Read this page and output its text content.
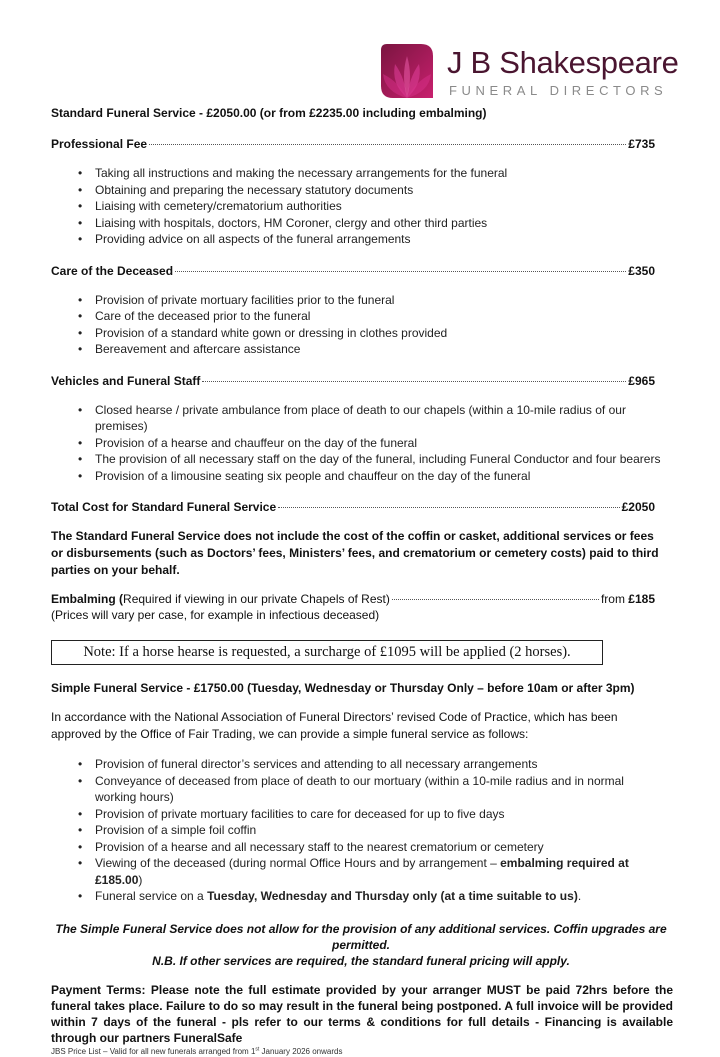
J B Shakespeare
FUNERAL DIRECTORS
Standard Funeral Service - £2050.00 (or from £2235.00 including embalming)
Professional Fee	£735
• Taking all instructions and making the necessary arrangements for the funeral
• Obtaining and preparing the necessary statutory documents
• Liaising with cemetery/crematorium authorities
• Liaising with hospitals, doctors, HM Coroner, clergy and other third parties
• Providing advice on all aspects of the funeral arrangements
Care of the Deceased	£350
• Provision of private mortuary facilities prior to the funeral
• Care of the deceased prior to the funeral
• Provision of a standard white gown or dressing in clothes provided
• Bereavement and aftercare assistance
Vehicles and Funeral Staff	£965
• Closed hearse / private ambulance from place of death to our chapels (within a 10-mile radius of our premises)
• Provision of a hearse and chauffeur on the day of the funeral
• The provision of all necessary staff on the day of the funeral, including Funeral Conductor and four bearers
• Provision of a limousine seating six people and chauffeur on the day of the funeral
Total Cost for Standard Funeral Service	£2050
The Standard Funeral Service does not include the cost of the coffin or casket, additional services or fees or disbursements (such as Doctors’ fees, Ministers’ fees, and crematorium or cemetery costs) paid to third parties on your behalf.
Embalming (Required if viewing in our private Chapels of Rest)	from £185
(Prices will vary per case, for example in infectious deceased)
Note: If a horse hearse is requested, a surcharge of £1095 will be applied (2 horses).
Simple Funeral Service - £1750.00 (Tuesday, Wednesday or Thursday Only – before 10am or after 3pm)
In accordance with the National Association of Funeral Directors’ revised Code of Practice, which has been approved by the Office of Fair Trading, we can provide a simple funeral service as follows:
• Provision of funeral director’s services and attending to all necessary arrangements
• Conveyance of deceased from place of death to our mortuary (within a 10-mile radius and in normal working hours)
• Provision of private mortuary facilities to care for deceased for up to five days
• Provision of a simple foil coffin
• Provision of a hearse and all necessary staff to the nearest crematorium or cemetery
• Viewing of the deceased (during normal Office Hours and by arrangement – embalming required at £185.00)
• Funeral service on a Tuesday, Wednesday and Thursday only (at a time suitable to us).
The Simple Funeral Service does not allow for the provision of any additional services. Coffin upgrades are permitted.
N.B. If other services are required, the standard funeral pricing will apply.
Payment Terms: Please note the full estimate provided by your arranger MUST be paid 72hrs before the funeral takes place. Failure to do so may result in the funeral being postponed. A full invoice will be provided within 7 days of the funeral - pls refer to our terms & conditions for full details - Financing is available through our partners FuneralSafe
JBS Price List – Valid for all new funerals arranged from 1st January 2026 onwards
